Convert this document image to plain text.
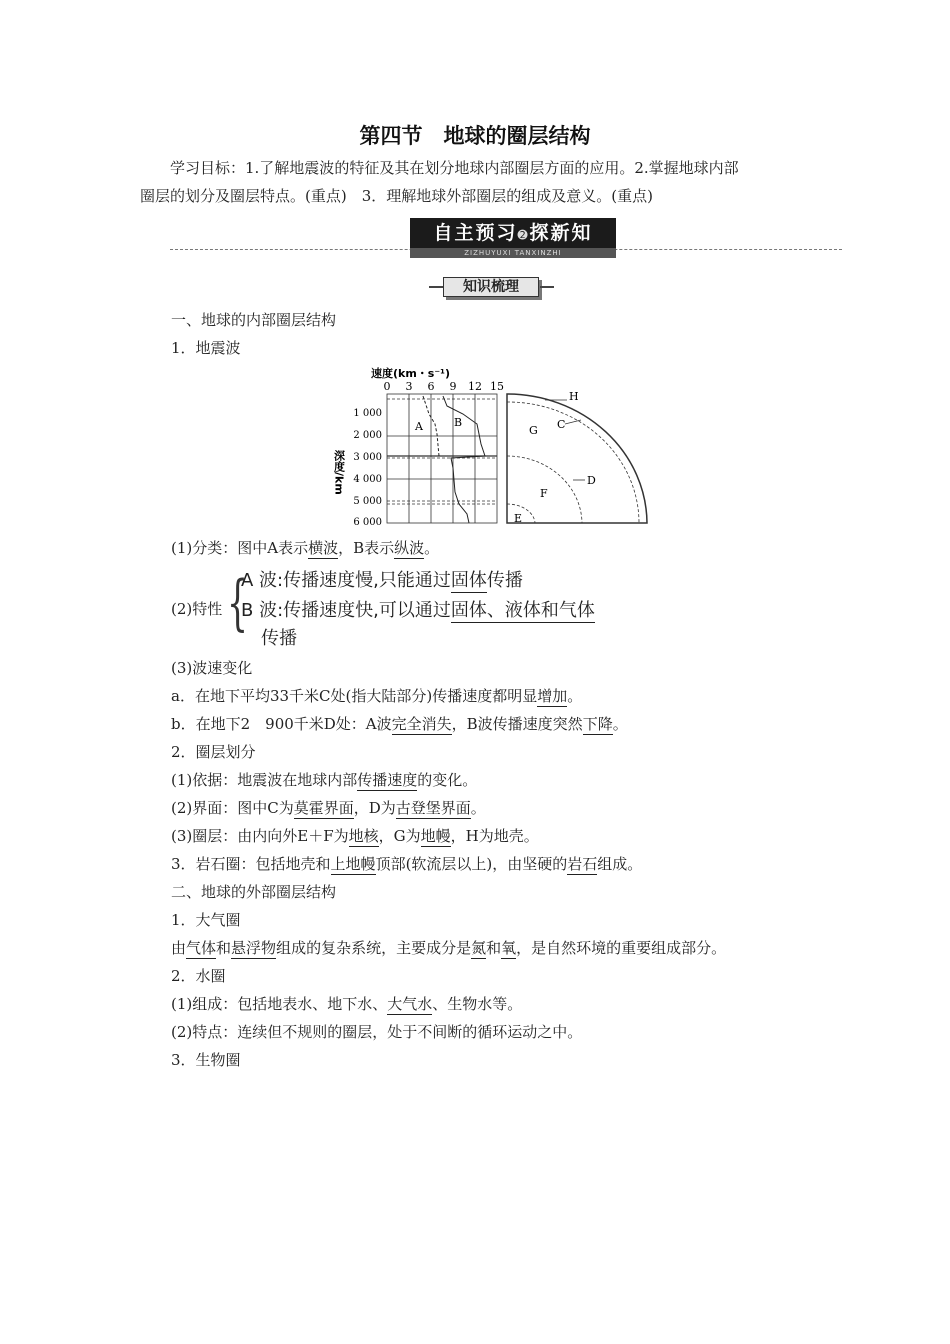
第四节　地球的圈层结构

学习目标：1.了解地震波的特征及其在划分地球内部圈层方面的应用。2.掌握地球内部

圈层的划分及圈层特点。(重点)　3．理解地球外部圈层的组成及意义。(重点)

自主预习➋探新知
ZIZHUYUXI TANXINZHI
知识梳理
一、地球的内部圈层结构
1．地震波
速度(km・s⁻¹)
0 3 6 9 12 15
1 000
2 000
3 000
4 000
5 000
6 000
深度/km
A	B
H
C
G
D
F
E
(1)分类：图中A表示横波，B表示纵波。
(2)特性 {
A 波:传播速度慢,只能通过固体传播
B 波:传播速度快,可以通过固体、液体和气体
传播
(3)波速变化
a．在地下平均33千米C处(指大陆部分)传播速度都明显增加。
b．在地下2　900千米D处：A波完全消失，B波传播速度突然下降。
2．圈层划分
(1)依据：地震波在地球内部传播速度的变化。
(2)界面：图中C为莫霍界面，D为古登堡界面。
(3)圈层：由内向外E＋F为地核，G为地幔，H为地壳。
3．岩石圈：包括地壳和上地幔顶部(软流层以上)，由坚硬的岩石组成。
二、地球的外部圈层结构
1．大气圈
由气体和悬浮物组成的复杂系统，主要成分是氮和氧，是自然环境的重要组成部分。
2．水圈
(1)组成：包括地表水、地下水、大气水、生物水等。
(2)特点：连续但不规则的圈层，处于不间断的循环运动之中。
3．生物圈
